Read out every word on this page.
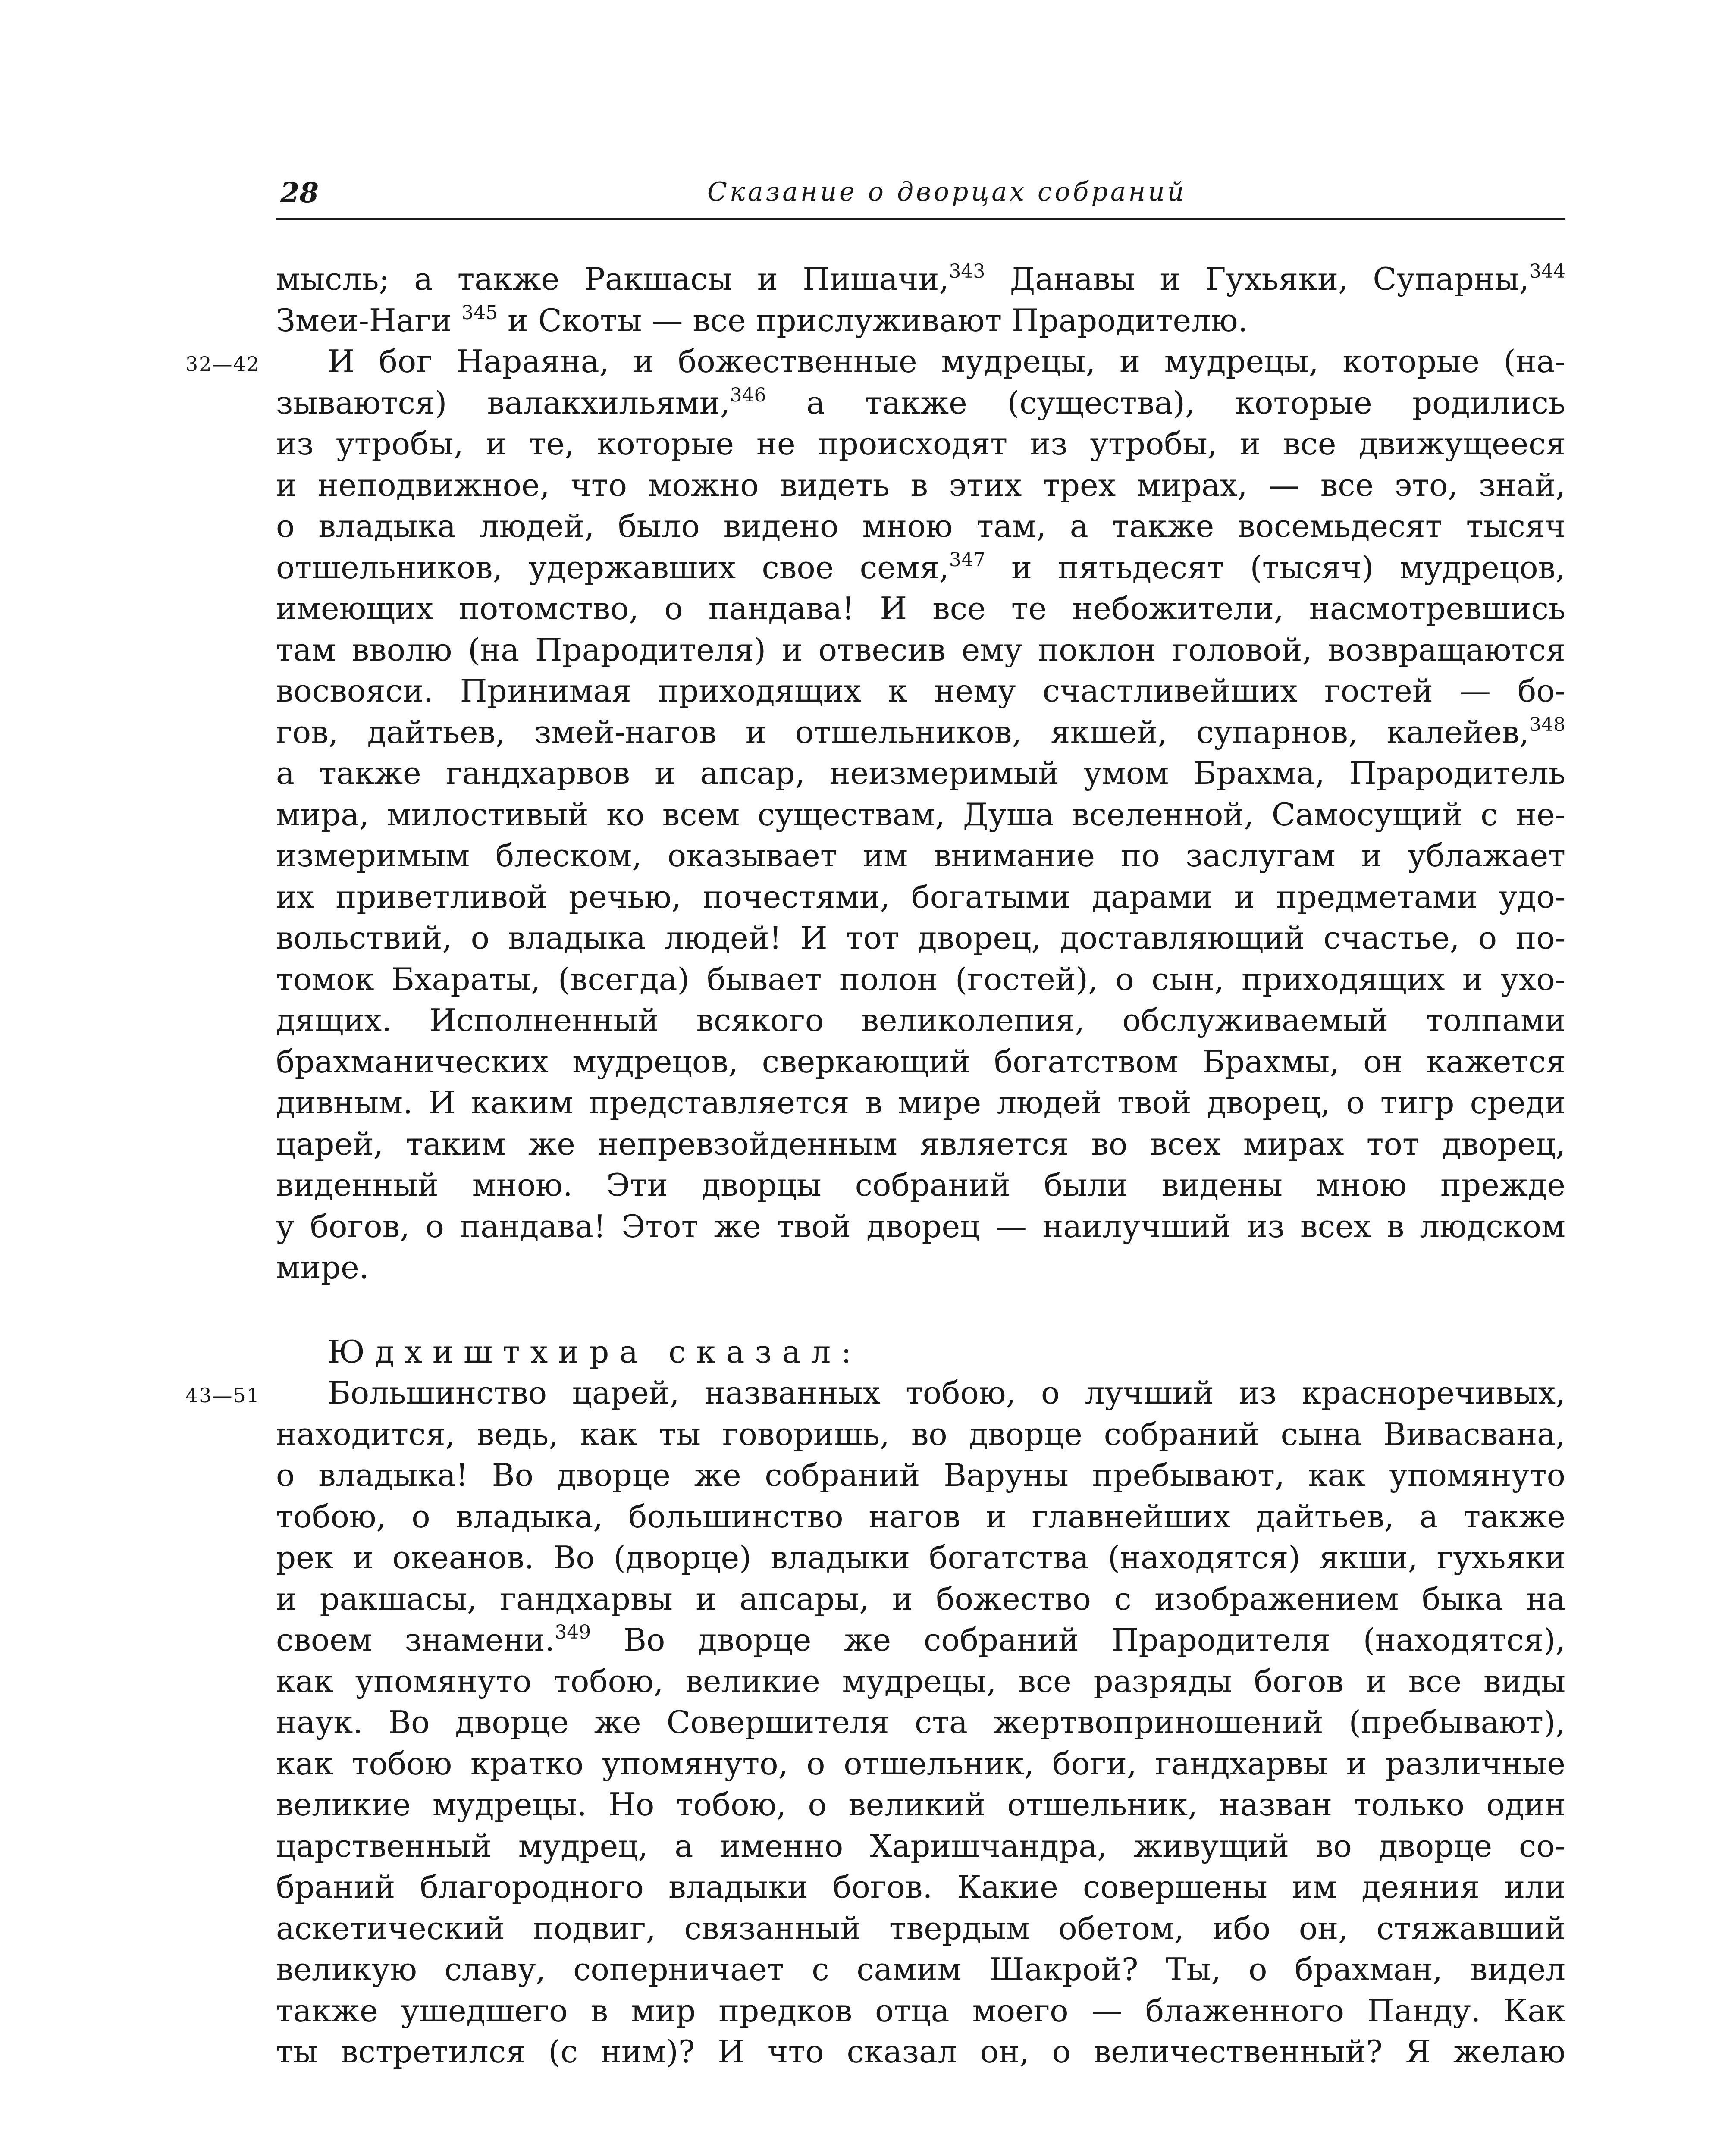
28	Сказание о дворцах собраний
мысль; а также Ракшасы и Пишачи,$^{343}$ Данавы и Гухьяки, Супарны,$^{344}$
Змеи-Наги $^{345}$ и Скоты — все прислуживают Прародителю.
32—42 И бог Нараяна, и божественные мудрецы, и мудрецы, которые (на-
зываются) валакхильями,$^{346}$ а также (существа), которые родились
из утробы, и те, которые не происходят из утробы, и все движущееся
и неподвижное, что можно видеть в этих трех мирах, — все это, знай,
о владыка людей, было видено мною там, а также восемьдесят тысяч
отшельников, удержавших свое семя,$^{347}$ и пятьдесят (тысяч) мудрецов,
имеющих потомство, о пандава! И все те небожители, насмотревшись
там вволю (на Прародителя) и отвесив ему поклон головой, возвращаются
восвояси. Принимая приходящих к нему счастливейших гостей — бо-
гов, дайтьев, змей-нагов и отшельников, якшей, супарнов, калейев,$^{348}$
а также гандхарвов и апсар, неизмеримый умом Брахма, Прародитель
мира, милостивый ко всем существам, Душа вселенной, Самосущий с не-
измеримым блеском, оказывает им внимание по заслугам и ублажает
их приветливой речью, почестями, богатыми дарами и предметами удо-
вольствий, о владыка людей! И тот дворец, доставляющий счастье, о по-
томок Бхараты, (всегда) бывает полон (гостей), о сын, приходящих и ухо-
дящих. Исполненный всякого великолепия, обслуживаемый толпами
брахманических мудрецов, сверкающий богатством Брахмы, он кажется
дивным. И каким представляется в мире людей твой дворец, о тигр среди
царей, таким же непревзойденным является во всех мирах тот дворец,
виденный мною. Эти дворцы собраний были видены мною прежде
у богов, о пандава! Этот же твой дворец — наилучший из всех в людском
мире.
Юдхиштхира сказал:
43—51 Большинство царей, названных тобою, о лучший из красноречивых,
находится, ведь, как ты говоришь, во дворце собраний сына Вивасвана,
о владыка! Во дворце же собраний Варуны пребывают, как упомянуто
тобою, о владыка, большинство нагов и главнейших дайтьев, а также
рек и океанов. Во (дворце) владыки богатства (находятся) якши, гухьяки
и ракшасы, гандхарвы и апсары, и божество с изображением быка на
своем знамени.$^{349}$ Во дворце же собраний Прародителя (находятся),
как упомянуто тобою, великие мудрецы, все разряды богов и все виды
наук. Во дворце же Совершителя ста жертвоприношений (пребывают),
как тобою кратко упомянуто, о отшельник, боги, гандхарвы и различные
великие мудрецы. Но тобою, о великий отшельник, назван только один
царственный мудрец, а именно Харишчандра, живущий во дворце со-
браний благородного владыки богов. Какие совершены им деяния или
аскетический подвиг, связанный твердым обетом, ибо он, стяжавший
великую славу, соперничает с самим Шакрой? Ты, о брахман, видел
также ушедшего в мир предков отца моего — блаженного Панду. Как
ты встретился (с ним)? И что сказал он, о величественный? Я желаю
